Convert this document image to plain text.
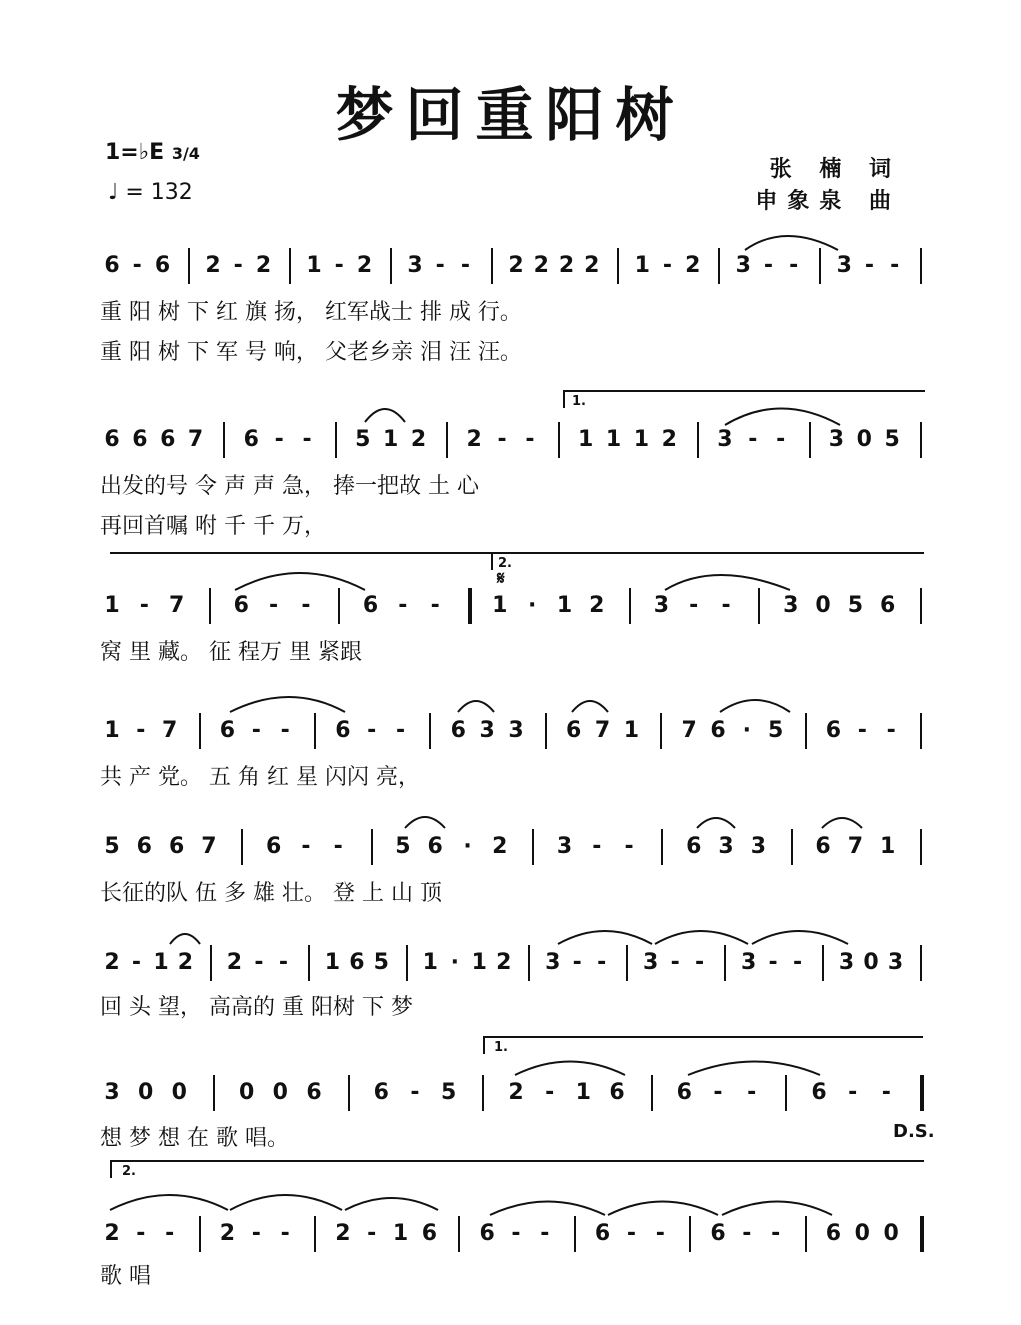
梦回重阳树
1=♭E 3/4
♩ = 132
张 楠 词
申象泉 曲
6 - 6	2 - 2	1 - 2	3 - -	2 2 2 2	1 - 2	3 - -	3 - -
6 6 6 7	6 - -	5 1 2	2 - -	1 1 1 2	3 - -	3 0 5
1 - 7	6 -	-	6 -	-	1 · 1 2	3 -	-	3 0 5 6
1 - 7	6 - -	6 - -	6 3 3	6 7 1	7 6 · 5	6 - -
5 6 6 7	6 -	-	5 6 · 2	3 -	-	6 3 3	6 7 1
2 - 1 2	2 - -	1 6 5	1 · 1 2	3 - -	3 - -	3 - -	3 0 3
3 0 0	0 0 6	6 - 5	2 - 1 6	6 -	-	6 -	-
2 - -	2 - -	2 - 1 6	6 - -	6 - -	6 - -	6 0 0
重 阳 树 下 红 旗 扬， 红军战士 排 成 行。
重 阳 树 下 军 号 响， 父老乡亲 泪 汪 汪。
出发的号 令 声 声 急， 捧一把故 土 心
再回首嘱 咐 千 千 万，
窝 里 藏。 征 程万 里 紧跟
共 产 党。 五 角 红 星 闪闪 亮，
长征的队 伍 多 雄 壮。 登 上 山 顶
回 头 望， 高高的 重 阳树 下 梦
想 梦 想 在 歌 唱。
歌 唱
1.
2.
𝄋
1.
2.
D.S.
